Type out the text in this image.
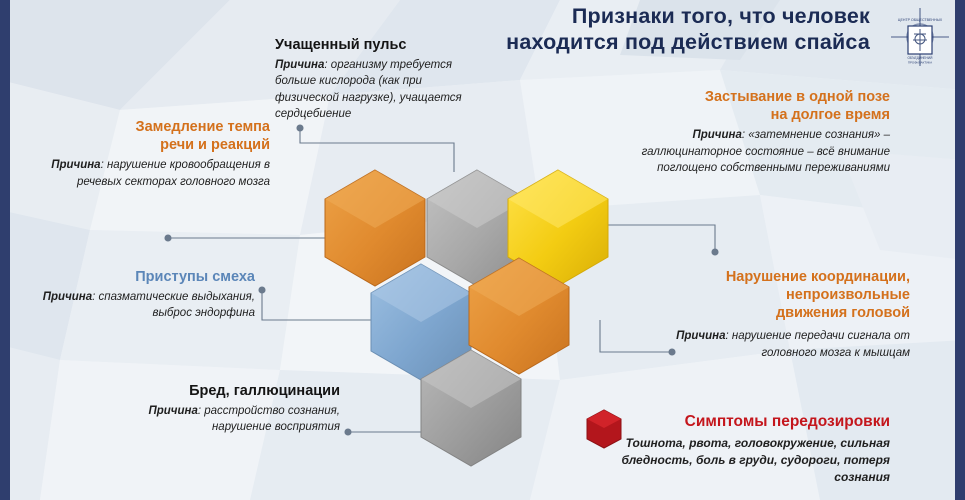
Признаки того, что человек
находится под действием спайса
ЦЕНТР ОБЩЕСТВЕННЫХ
ОБЪЕДИНЕНИЙ
ПРОФИЛАКТИКА
Учащенный пульс
Причина: организму требуется больше кислорода (как при физической нагрузке), учащается сердцебиение
Застывание в одной позе
на долгое время
Причина: «затемнение сознания» – галлюцинаторное состояние – всё внимание поглощено собственными переживаниями
Замедление темпа
речи и реакций
Причина: нарушение кровообращения в речевых секторах головного мозга
Приступы смеха
Причина: спазматические выдыхания, выброс эндорфина
Нарушение координации,
непроизвольные
движения головой
Причина: нарушение передачи сигнала от головного мозга к мышцам
Бред, галлюцинации
Причина: расстройство сознания, нарушение восприятия	Симптомы передозировки
Тошнота, рвота, головокружение, сильная бледность, боль в груди, судороги, потеря сознания
